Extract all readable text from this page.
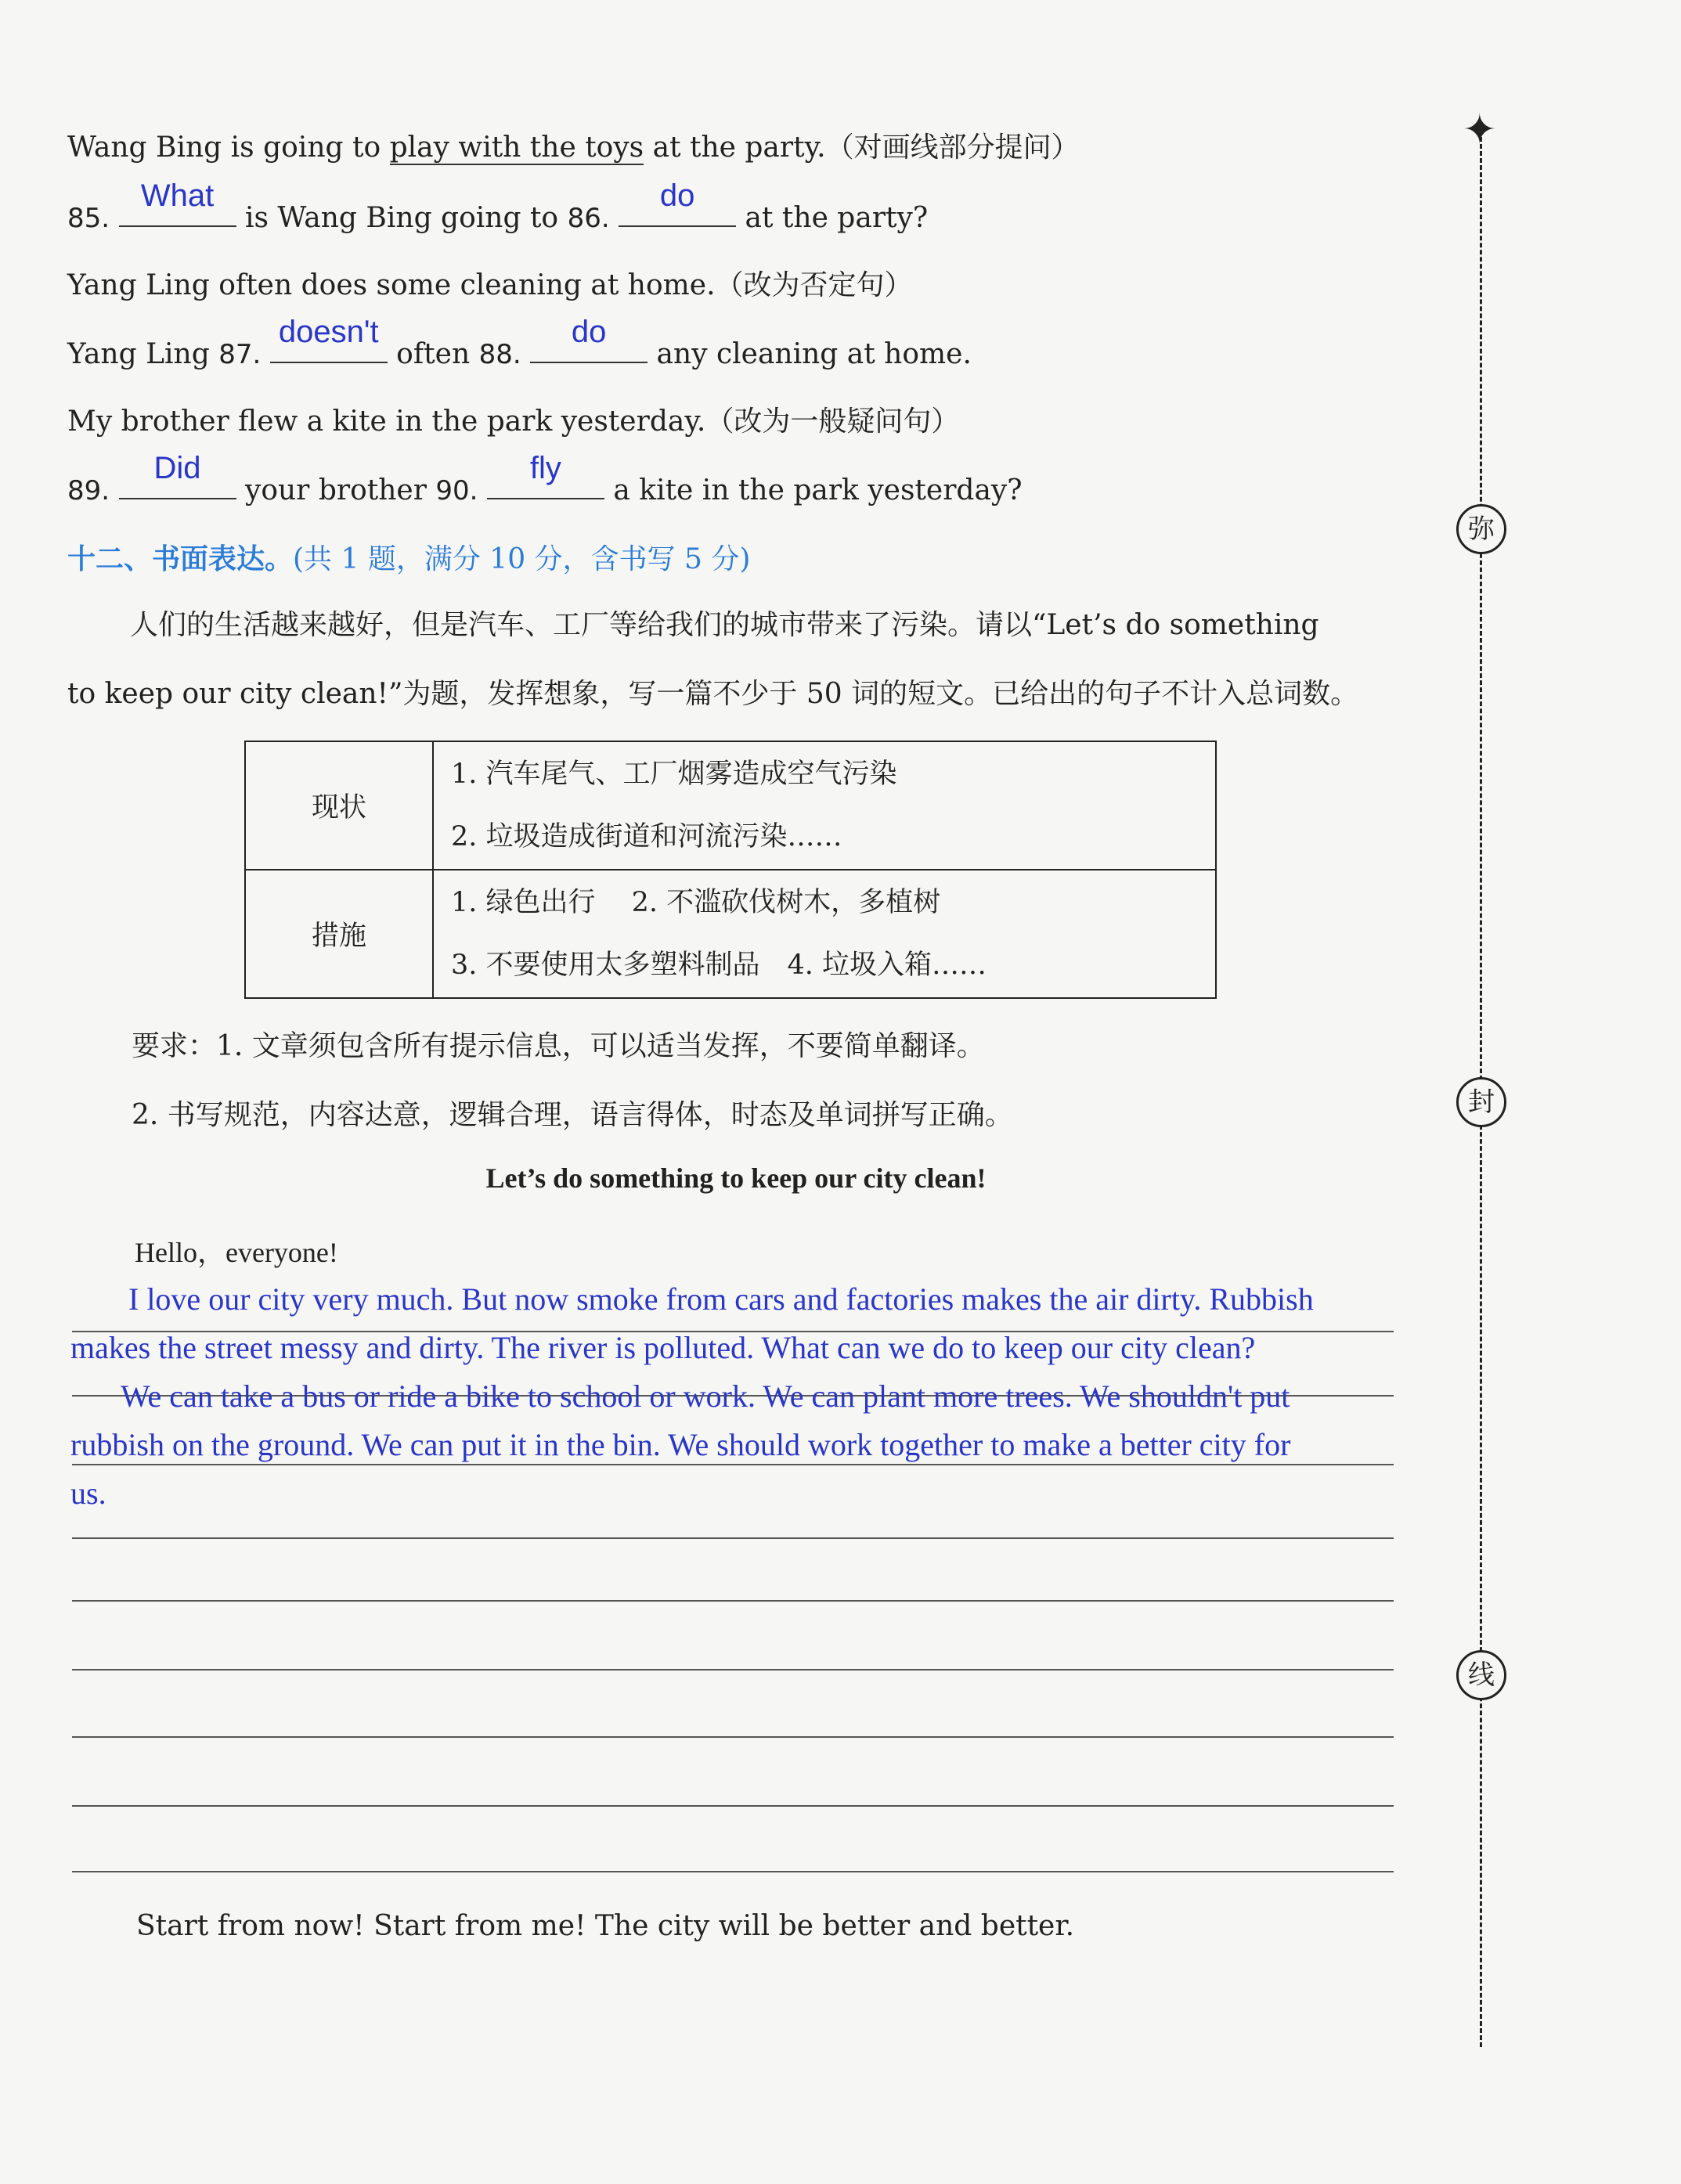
Wang Bing is going to play with the toys at the party.（对画线部分提问）
85.
What
is Wang Bing going to 86.
do
at the party?
Yang Ling often does some cleaning at home.（改为否定句）
Yang Ling 87.
doesn't
often 88.
do
any cleaning at home.
My brother flew a kite in the park yesterday.（改为一般疑问句）
89.
Did
your brother 90.
fly
a kite in the park yesterday?
十二、书面表达。(共 1 题，满分 10 分，含书写 5 分)
人们的生活越来越好，但是汽车、工厂等给我们的城市带来了污染。请以“Let’s do something
to keep our city clean!”为题，发挥想象，写一篇不少于 50 词的短文。已给出的句子不计入总词数。
现状	1. 汽车尾气、工厂烟雾造成空气污染
2. 垃圾造成街道和河流污染……

措施	1. 绿色出行　 2. 不滥砍伐树木，多植树
3. 不要使用太多塑料制品　4. 垃圾入箱……
要求：1. 文章须包含所有提示信息，可以适当发挥，不要简单翻译。
2. 书写规范，内容达意，逻辑合理，语言得体，时态及单词拼写正确。
Let’s do something to keep our city clean!
Hello，everyone!
I love our city very much. But now smoke from cars and factories makes the air dirty. Rubbish
makes the street messy and dirty. The river is polluted. What can we do to keep our city clean?
We can take a bus or ride a bike to school or work. We can plant more trees. We shouldn't put
rubbish on the ground. We can put it in the bin. We should work together to make a better city for
us.
Start from now! Start from me! The city will be better and better.
✦
弥
封
线
